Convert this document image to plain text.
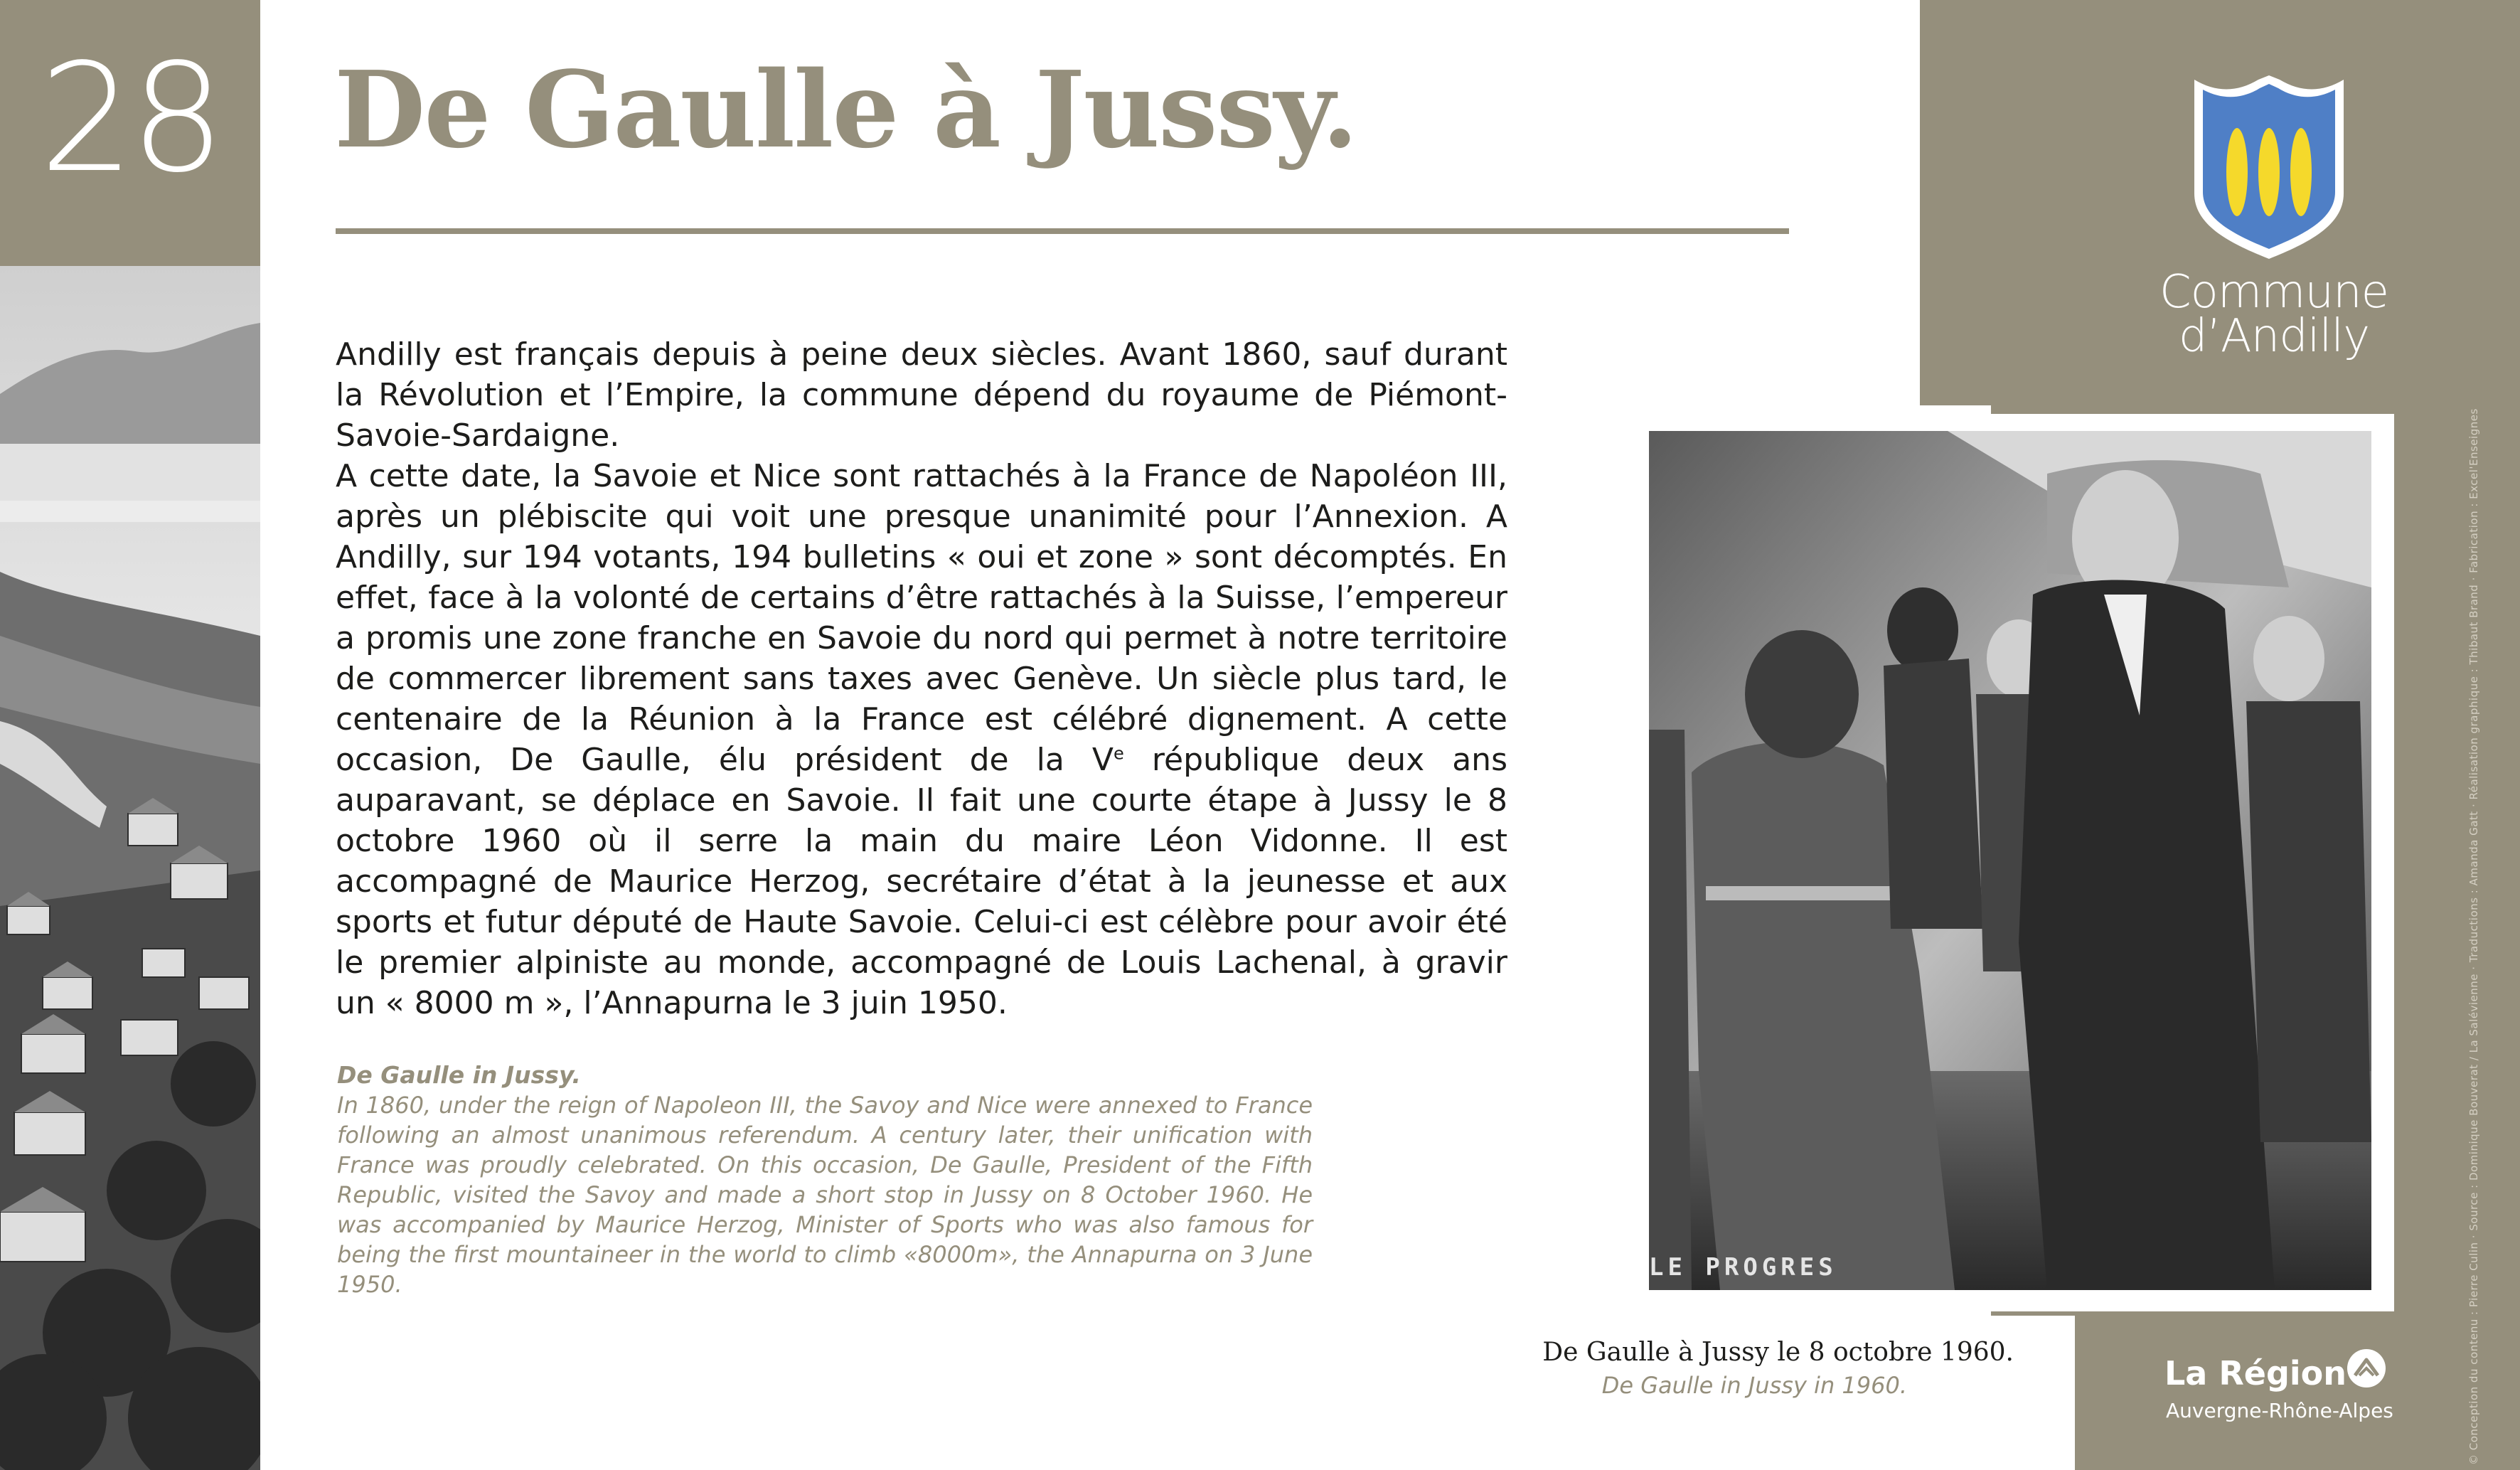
28	De Gaulle à Jussy.

Andilly est français depuis à peine deux siècles. Avant 1860, sauf durant la Révolution et l’Empire, la commune dépend du royaume de Piémont-Savoie-Sardaigne.

A cette date, la Savoie et Nice sont rattachés à la France de Napoléon III, après un plébiscite qui voit une presque unanimité pour l’Annexion. A Andilly, sur 194 votants, 194 bulletins « oui et zone » sont décomptés. En effet, face à la volonté de certains d’être rattachés à la Suisse, l’empereur a promis une zone franche en Savoie du nord qui permet à notre territoire de commercer librement sans taxes avec Genève. Un siècle plus tard, le centenaire de la Réunion à la France est célébré dignement. A cette occasion, De Gaulle, élu président de la Ve république deux ans auparavant, se déplace en Savoie. Il fait une courte étape à Jussy le 8 octobre 1960 où il serre la main du maire Léon Vidonne. Il est accompagné de Maurice Herzog, secrétaire d’état à la jeunesse et aux sports et futur député de Haute Savoie. Celui-ci est célèbre pour avoir été le premier alpiniste au monde, accompagné de Louis Lachenal, à gravir un « 8000 m », l’Annapurna le 3 juin 1950.

De Gaulle in Jussy.
In 1860, under the reign of Napoleon III, the Savoy and Nice were annexed to France following an almost unanimous referendum. A century later, their unification with France was proudly celebrated. On this occasion, De Gaulle, President of the Fifth Republic, visited the Savoy and made a short stop in Jussy on 8 October 1960. He was accompanied by Maurice Herzog, Minister of Sports who was also famous for being the first mountaineer in the world to climb «8000m», the Annapurna on 3 June 1950.
Commune
d’Andilly
© Conception du contenu : Pierre Culin · Source : Dominique Bouverat / La Salévienne · Traductions : Amanda Gatt · Réalisation graphique : Thibaut Brand · Fabrication : Excel'Enseignes
LE PROGRES
De Gaulle à Jussy le 8 octobre 1960.
De Gaulle in Jussy in 1960.	La Région
Auvergne-Rhône-Alpes
